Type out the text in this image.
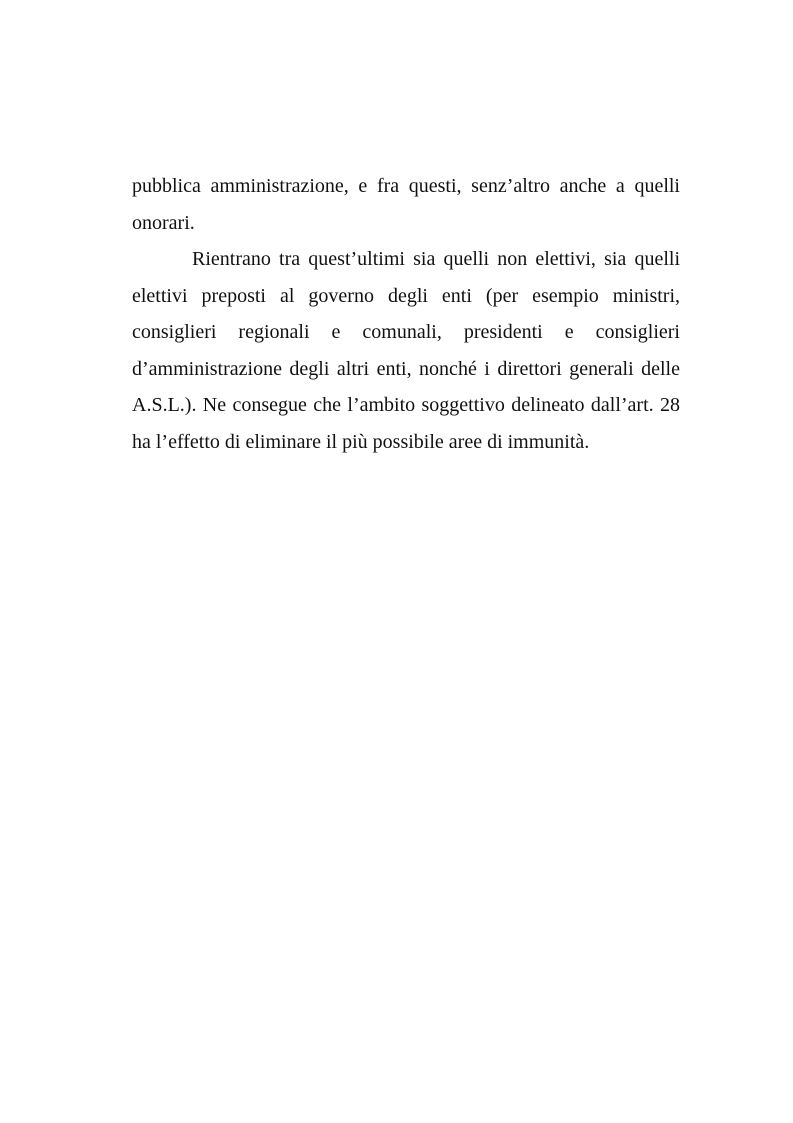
pubblica amministrazione, e fra questi, senz’altro anche a quelli onorari.

Rientrano tra quest’ultimi sia quelli non elettivi, sia quelli elettivi preposti al governo degli enti (per esempio ministri, consiglieri regionali e comunali, presidenti e consiglieri d’amministrazione degli altri enti, nonché i direttori generali delle A.S.L.). Ne consegue che l’ambito soggettivo delineato dall’art. 28 ha l’effetto di eliminare il più possibile aree di immunità.
